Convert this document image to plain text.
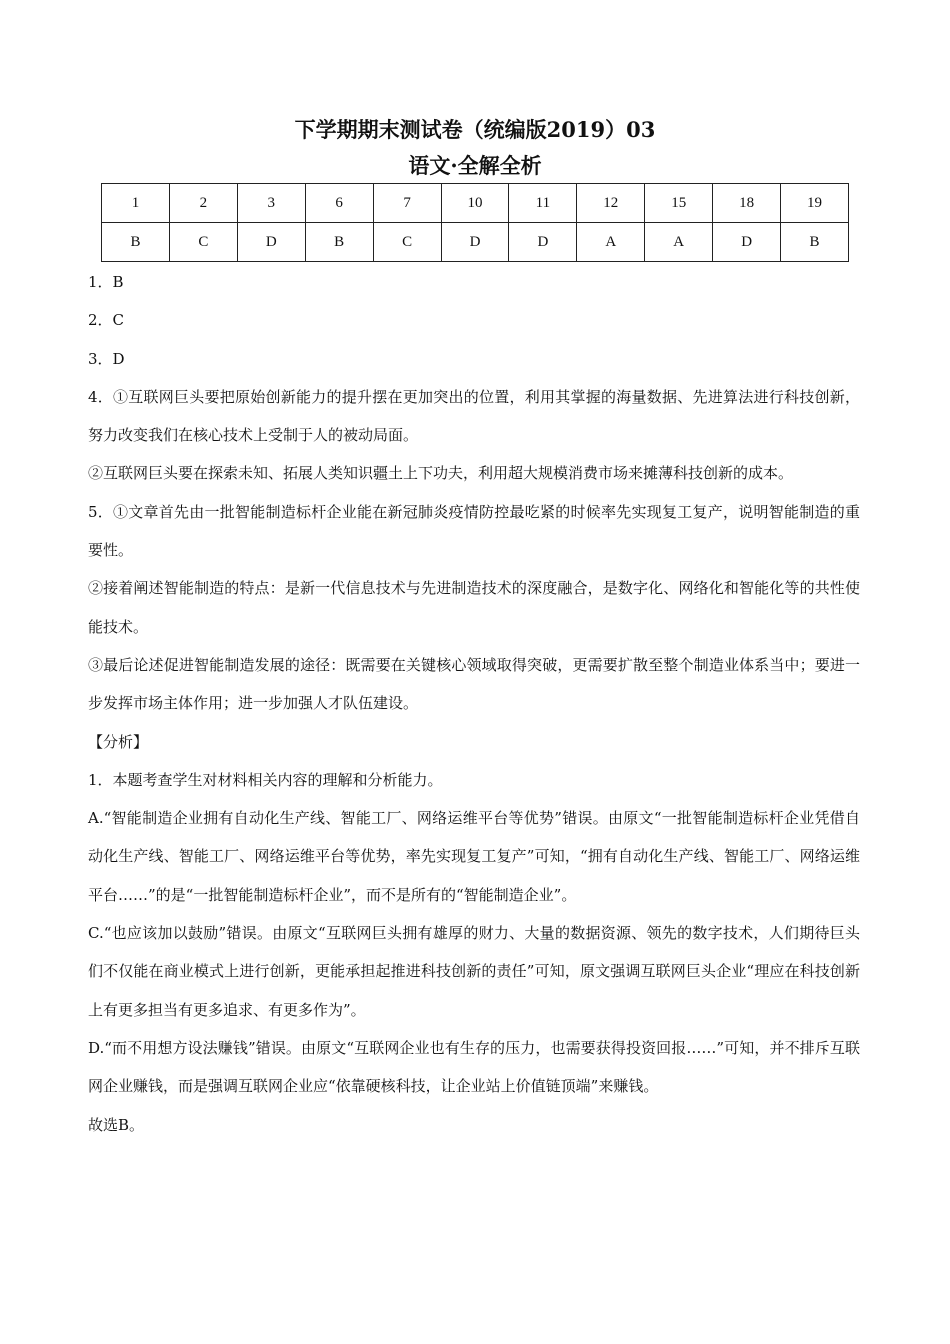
下学期期末测试卷（统编版2019）03
语文·全解全析
1	2	3	6	7	10	11	12	15	18	19
B	C	D	B	C	D	D	A	A	D	B

1．B

2．C

3．D

4．①互联网巨头要把原始创新能力的提升摆在更加突出的位置，利用其掌握的海量数据、先进算法进行科技创新，努力改变我们在核心技术上受制于人的被动局面。

②互联网巨头要在探索未知、拓展人类知识疆土上下功夫，利用超大规模消费市场来摊薄科技创新的成本。

5．①文章首先由一批智能制造标杆企业能在新冠肺炎疫情防控最吃紧的时候率先实现复工复产，说明智能制造的重要性。

②接着阐述智能制造的特点：是新一代信息技术与先进制造技术的深度融合，是数字化、网络化和智能化等的共性使能技术。

③最后论述促进智能制造发展的途径：既需要在关键核心领域取得突破，更需要扩散至整个制造业体系当中；要进一步发挥市场主体作用；进一步加强人才队伍建设。

【分析】

1．本题考查学生对材料相关内容的理解和分析能力。

A.“智能制造企业拥有自动化生产线、智能工厂、网络运维平台等优势”错误。由原文“一批智能制造标杆企业凭借自动化生产线、智能工厂、网络运维平台等优势，率先实现复工复产”可知，“拥有自动化生产线、智能工厂、网络运维平台……”的是“一批智能制造标杆企业”，而不是所有的“智能制造企业”。

C.“也应该加以鼓励”错误。由原文“互联网巨头拥有雄厚的财力、大量的数据资源、领先的数字技术，人们期待巨头们不仅能在商业模式上进行创新，更能承担起推进科技创新的责任”可知，原文强调互联网巨头企业“理应在科技创新上有更多担当有更多追求、有更多作为”。

D.“而不用想方设法赚钱”错误。由原文“互联网企业也有生存的压力，也需要获得投资回报……”可知，并不排斥互联网企业赚钱，而是强调互联网企业应“依靠硬核科技，让企业站上价值链顶端”来赚钱。

故选B。
